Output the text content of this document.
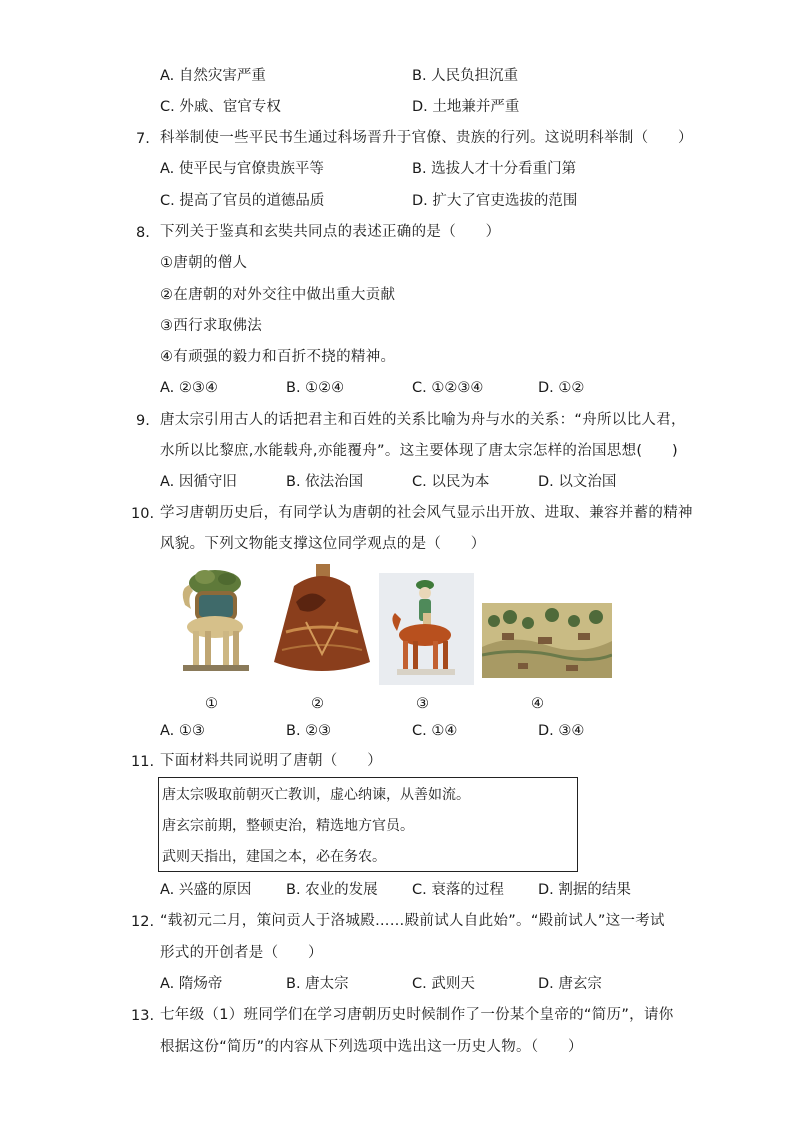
A. 自然灾害严重	B. 人民负担沉重
C. 外戚、宦官专权	D. 土地兼并严重
7. 科举制使一些平民书生通过科场晋升于官僚、贵族的行列。这说明科举制（　　）
A. 使平民与官僚贵族平等	B. 选拔人才十分看重门第
C. 提高了官员的道德品质	D. 扩大了官吏选拔的范围
8. 下列关于鉴真和玄奘共同点的表述正确的是（　　）
①唐朝的僧人
②在唐朝的对外交往中做出重大贡献
③西行求取佛法
④有顽强的毅力和百折不挠的精神。
A. ②③④	B. ①②④	C. ①②③④	D. ①②
9. 唐太宗引用古人的话把君主和百姓的关系比喻为舟与水的关系：“舟所以比人君，
水所以比黎庶,水能载舟,亦能覆舟”。这主要体现了唐太宗怎样的治国思想(　　)
A. 因循守旧	B. 依法治国	C. 以民为本	D. 以文治国
10. 学习唐朝历史后，有同学认为唐朝的社会风气显示出开放、进取、兼容并蓄的精神
风貌。下列文物能支撑这位同学观点的是（　　）
①	②	③	④
A. ①③	B. ②③	C. ①④	D. ③④
11. 下面材料共同说明了唐朝（　　）
唐太宗吸取前朝灭亡教训，虚心纳谏，从善如流。
唐玄宗前期，整顿吏治，精选地方官员。
武则天指出，建国之本，必在务农。
A. 兴盛的原因 B. 农业的发展 C. 衰落的过程 D. 割据的结果
12. “载初元二月，策问贡人于洛城殿……殿前试人自此始”。“殿前试人”这一考试
形式的开创者是（　　）
A. 隋炀帝	B. 唐太宗	C. 武则天	D. 唐玄宗
13. 七年级（1）班同学们在学习唐朝历史时候制作了一份某个皇帝的“简历”，请你
根据这份“简历”的内容从下列选项中选出这一历史人物。（　　）
